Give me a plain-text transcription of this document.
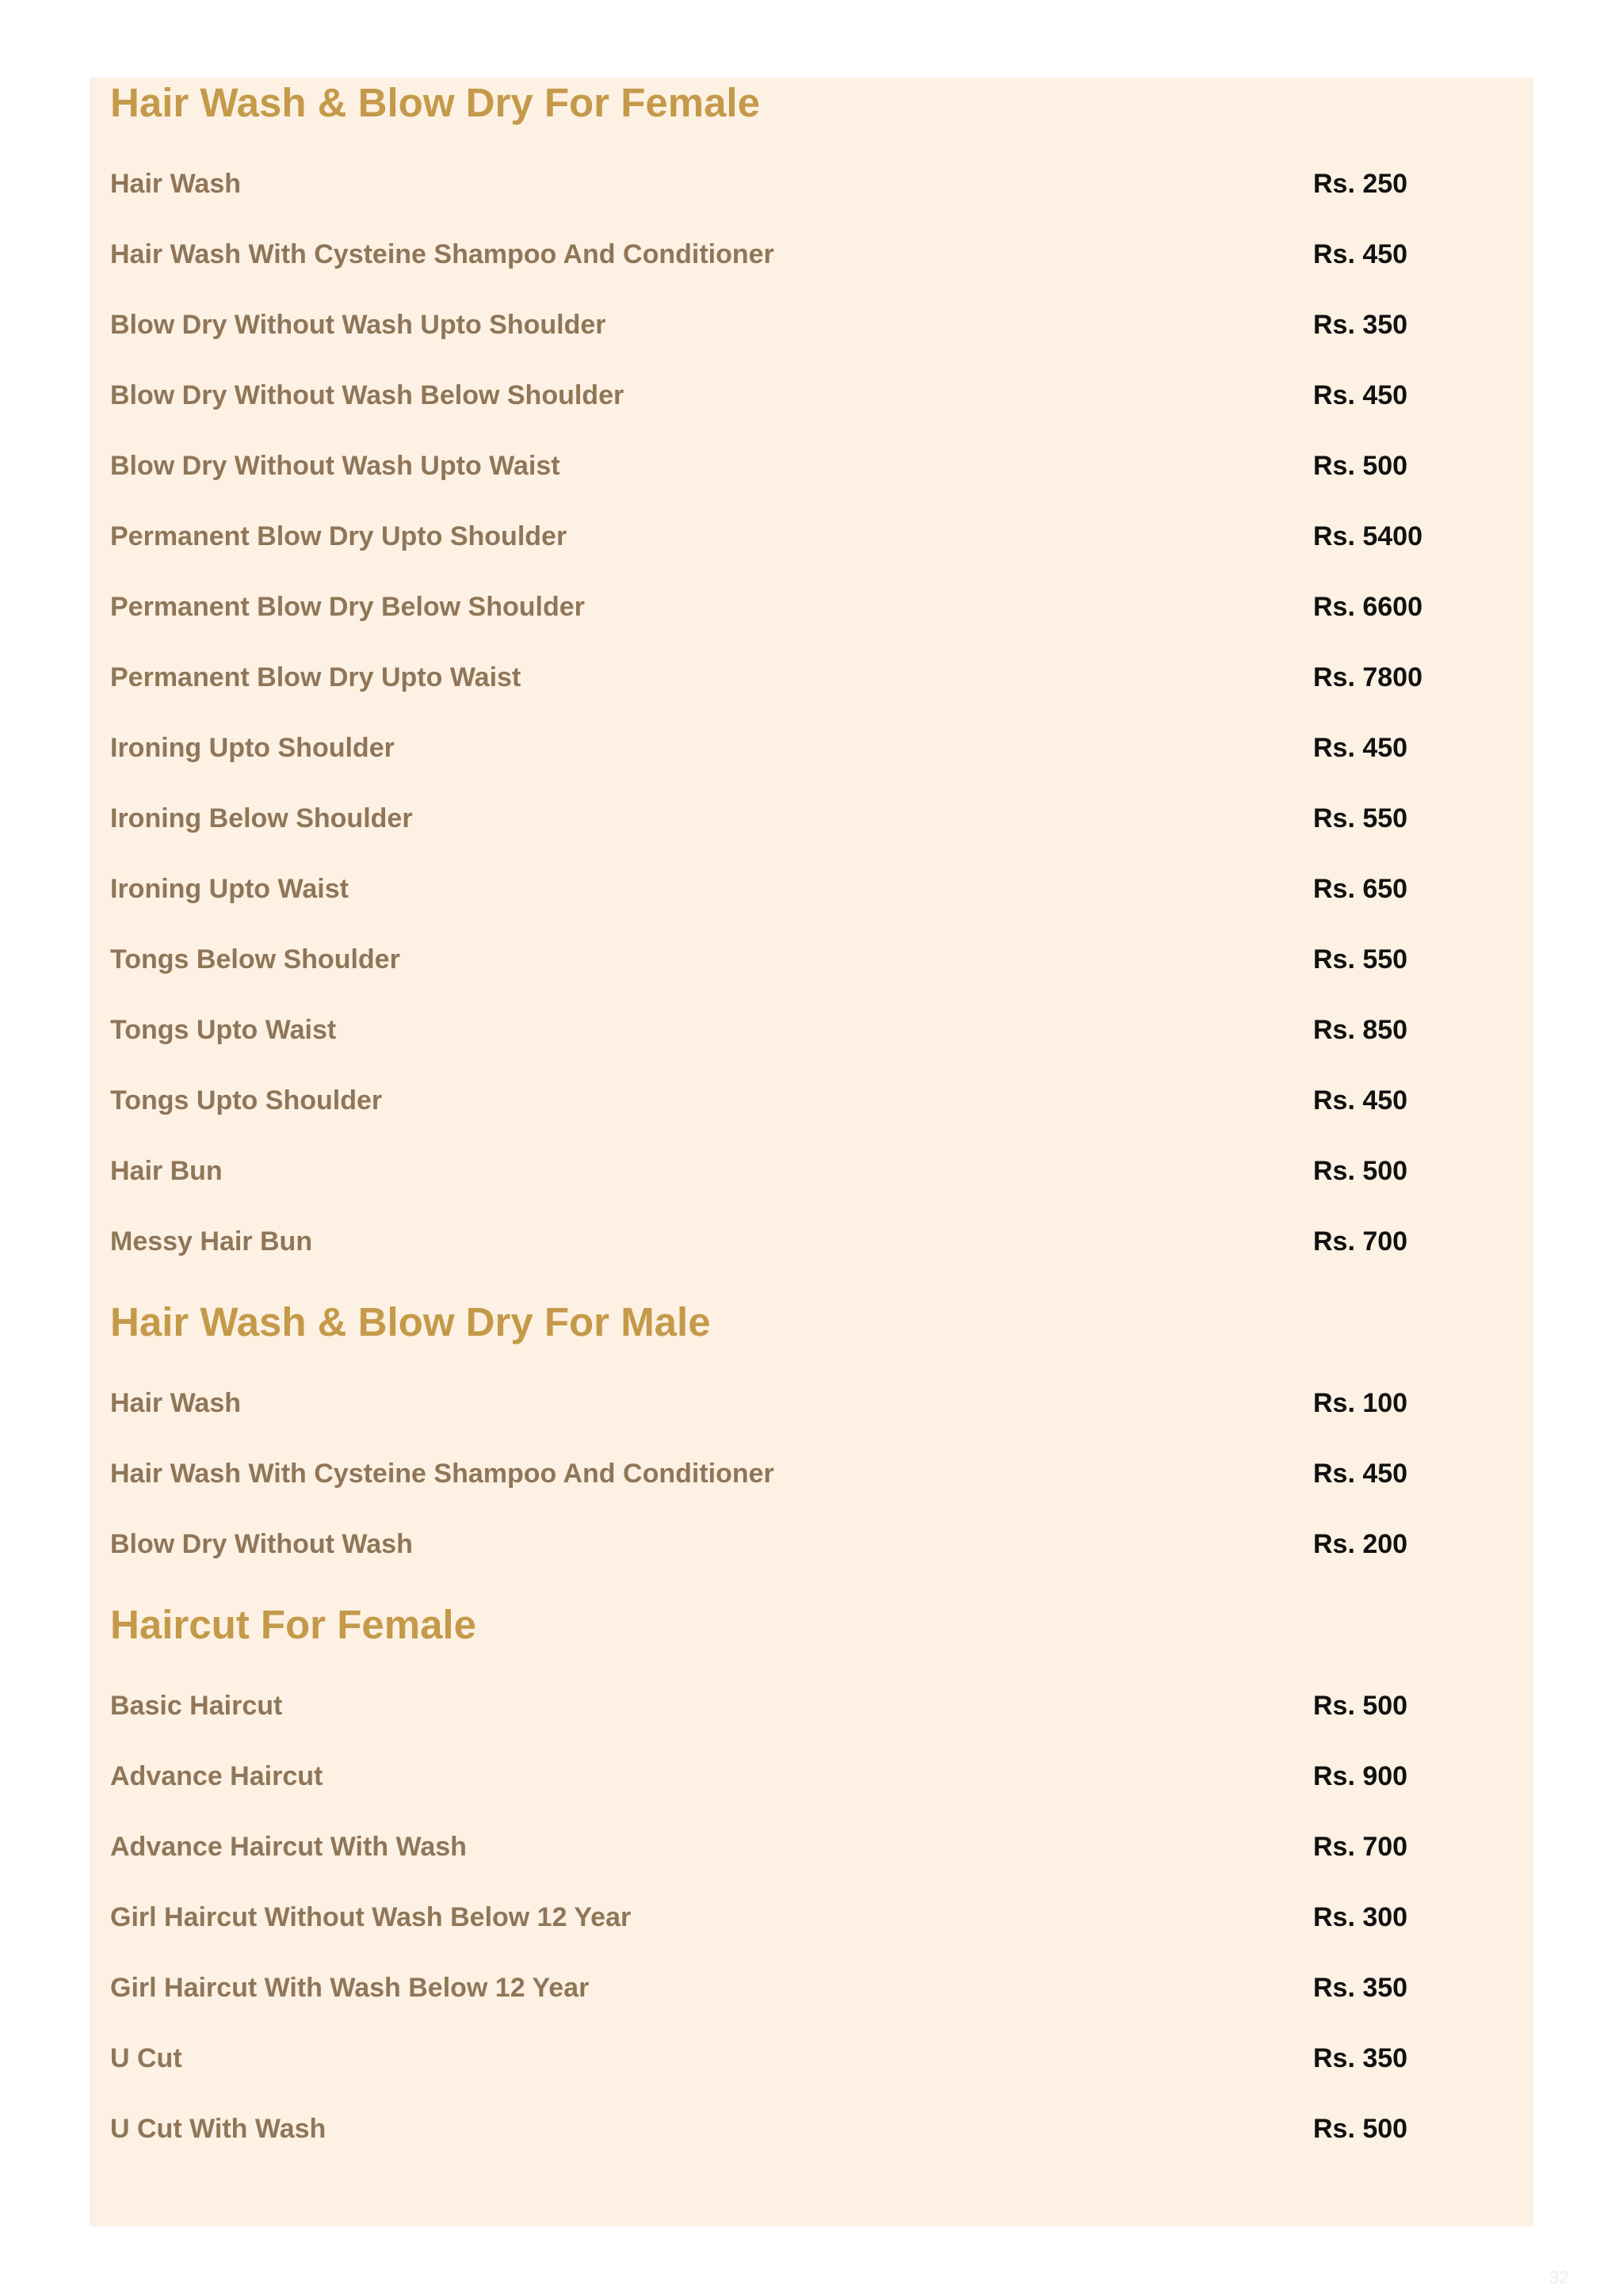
Hair Wash & Blow Dry For Female
Hair Wash	Rs. 250
Hair Wash With Cysteine Shampoo And Conditioner	Rs. 450
Blow Dry Without Wash Upto Shoulder	Rs. 350
Blow Dry Without Wash Below Shoulder	Rs. 450
Blow Dry Without Wash Upto Waist	Rs. 500
Permanent Blow Dry Upto Shoulder	Rs. 5400
Permanent Blow Dry Below Shoulder	Rs. 6600
Permanent Blow Dry Upto Waist	Rs. 7800
Ironing Upto Shoulder	Rs. 450
Ironing Below Shoulder	Rs. 550
Ironing Upto Waist	Rs. 650
Tongs Below Shoulder	Rs. 550
Tongs Upto Waist	Rs. 850
Tongs Upto Shoulder	Rs. 450
Hair Bun	Rs. 500
Messy Hair Bun	Rs. 700
Hair Wash & Blow Dry For Male
Hair Wash	Rs. 100
Hair Wash With Cysteine Shampoo And Conditioner	Rs. 450
Blow Dry Without Wash	Rs. 200
Haircut For Female
Basic Haircut	Rs. 500
Advance Haircut	Rs. 900
Advance Haircut With Wash	Rs. 700
Girl Haircut Without Wash Below 12 Year	Rs. 300
Girl Haircut With Wash Below 12 Year	Rs. 350
U Cut	Rs. 350
U Cut With Wash	Rs. 500
32
